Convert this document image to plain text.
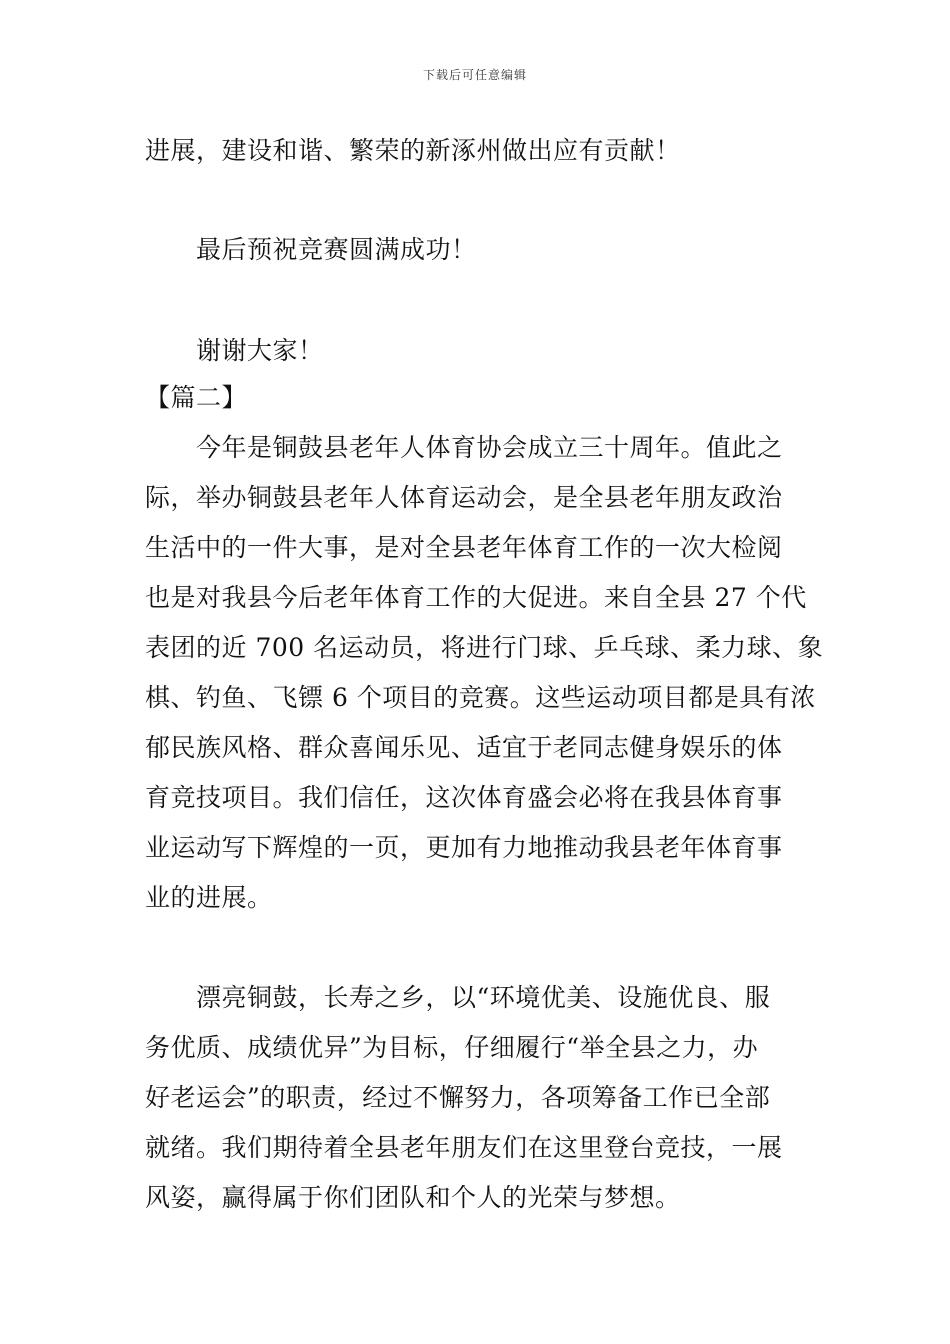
下载后可任意编辑
进展，建设和谐、繁荣的新涿州做出应有贡献！
最后预祝竞赛圆满成功！
谢谢大家！
【篇二】
今年是铜鼓县老年人体育协会成立三十周年。值此之
际，举办铜鼓县老年人体育运动会，是全县老年朋友政治
生活中的一件大事，是对全县老年体育工作的一次大检阅
也是对我县今后老年体育工作的大促进。来自全县 27 个代
表团的近 700 名运动员，将进行门球、乒乓球、柔力球、象
棋、钓鱼、飞镖 6 个项目的竞赛。这些运动项目都是具有浓
郁民族风格、群众喜闻乐见、适宜于老同志健身娱乐的体
育竞技项目。我们信任，这次体育盛会必将在我县体育事
业运动写下辉煌的一页，更加有力地推动我县老年体育事
业的进展。
漂亮铜鼓，长寿之乡，以“环境优美、设施优良、服
务优质、成绩优异”为目标，仔细履行“举全县之力，办
好老运会”的职责，经过不懈努力，各项筹备工作已全部
就绪。我们期待着全县老年朋友们在这里登台竞技，一展
风姿，赢得属于你们团队和个人的光荣与梦想。
